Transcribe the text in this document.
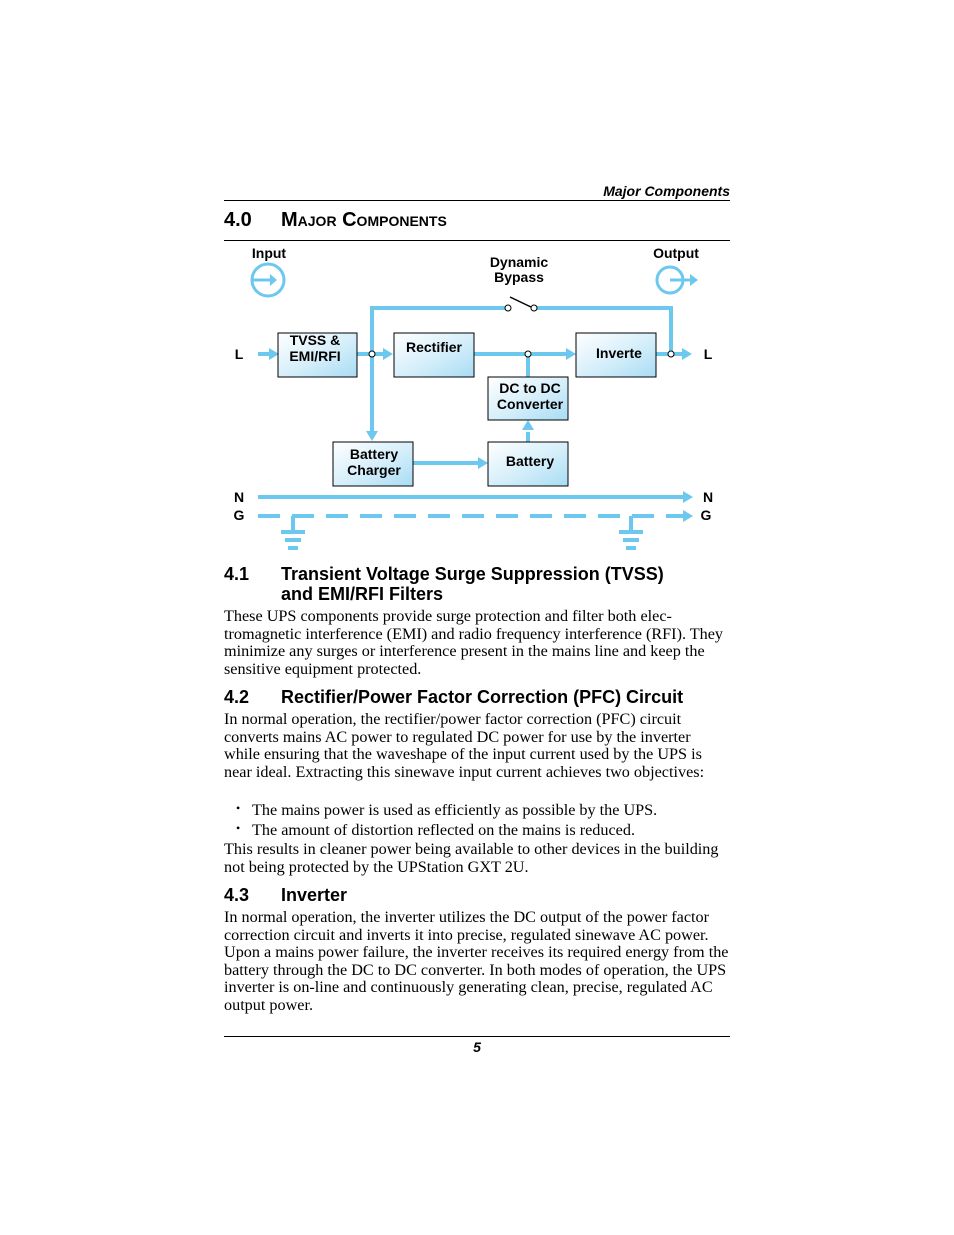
Major Components
4.0 Major Components
Input	Output
Dynamic
Bypass
TVSS &
EMI/RFI
Rectifier	Inverte
DC to DC
Converter
Battery
Charger
Battery
L	L
N	N
G	G
4.1 Transient Voltage Surge Suppression (TVSS)
and EMI/RFI Filters
These UPS components provide surge protection and filter both elec-tromagnetic interference (EMI) and radio frequency interference (RFI). They minimize any surges or interference present in the mains line and keep the sensitive equipment protected.
4.2 Rectifier/Power Factor Correction (PFC) Circuit
In normal operation, the rectifier/power factor correction (PFC) circuit converts mains AC power to regulated DC power for use by the inverter while ensuring that the waveshape of the input current used by the UPS is near ideal. Extracting this sinewave input current achieves two objectives:
• The mains power is used as efficiently as possible by the UPS.
• The amount of distortion reflected on the mains is reduced.
This results in cleaner power being available to other devices in the building not being protected by the UPStation GXT 2U.
4.3 Inverter
In normal operation, the inverter utilizes the DC output of the power factor correction circuit and inverts it into precise, regulated sinewave AC power. Upon a mains power failure, the inverter receives its required energy from the battery through the DC to DC converter. In both modes of operation, the UPS inverter is on-line and continuously generating clean, precise, regulated AC output power.
5
